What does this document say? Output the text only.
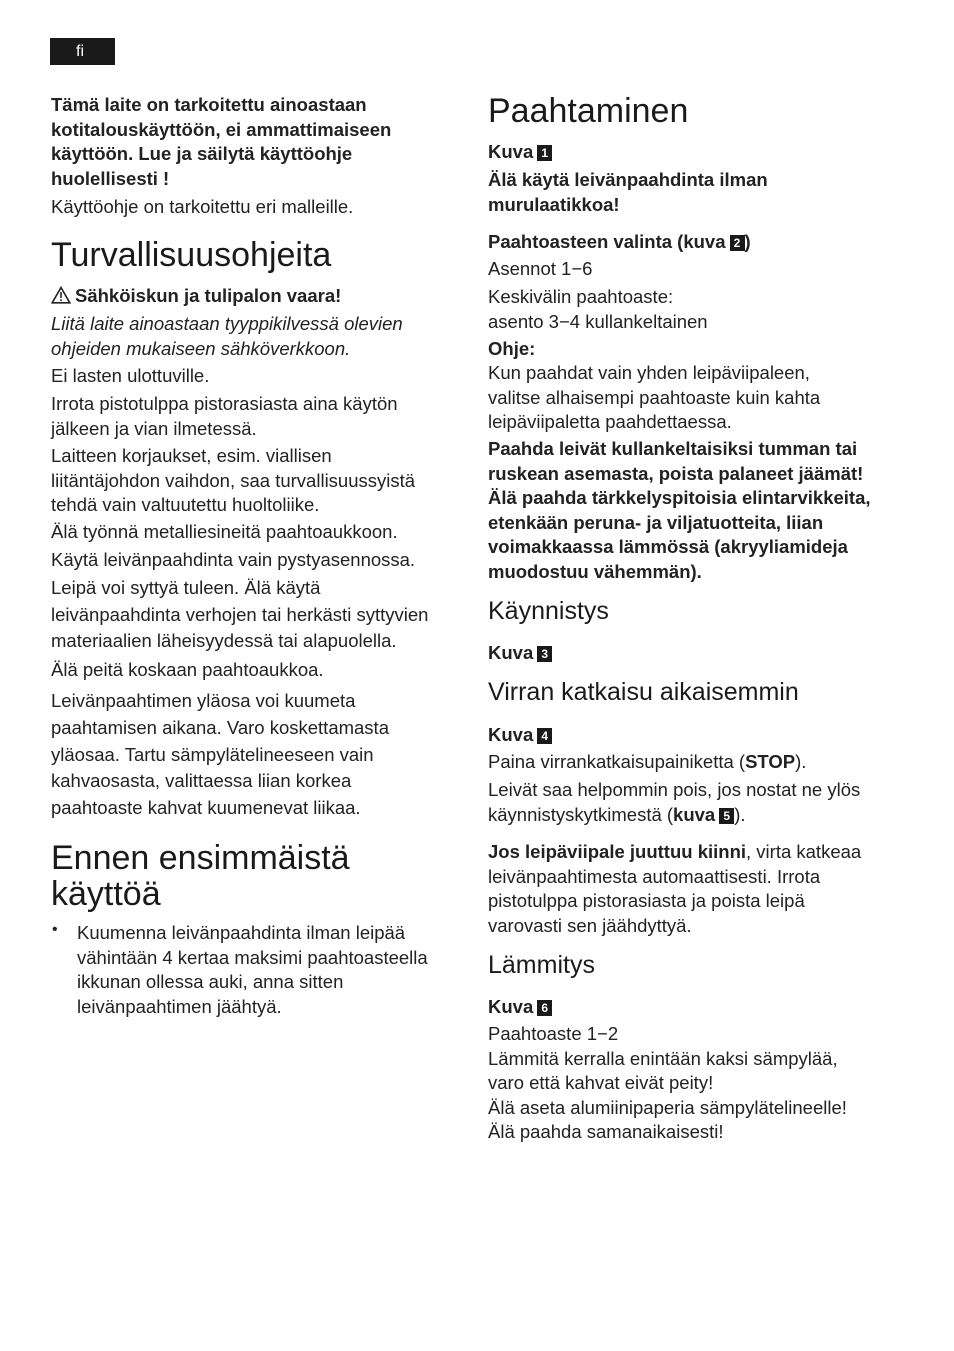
fi

Tämä laite on tarkoitettu ainoastaan

kotitalouskäyttöön, ei ammattimaiseen

käyttöön. Lue ja säilytä käyttöohje

huolellisesti !

Käyttöohje on tarkoitettu eri malleille.

Turvallisuusohjeita

Sähköiskun ja tulipalon vaara!

Liitä laite ainoastaan tyyppikilvessä olevien

ohjeiden mukaiseen sähköverkkoon.

Ei lasten ulottuville.

Irrota pistotulppa pistorasiasta aina käytön

jälkeen ja vian ilmetessä.

Laitteen korjaukset, esim. viallisen

liitäntäjohdon vaihdon, saa turvallisuussyistä

tehdä vain valtuutettu huoltoliike.

Älä työnnä metalliesineitä paahtoaukkoon.

Käytä leivänpaahdinta vain pystyasennossa.

Leipä voi syttyä tuleen. Älä käytä

leivänpaahdinta verhojen tai herkästi syttyvien

materiaalien läheisyydessä tai alapuolella.

Älä peitä koskaan paahtoaukkoa.

Leivänpaahtimen yläosa voi kuumeta

paahtamisen aikana. Varo koskettamasta

yläosaa. Tartu sämpylätelineeseen vain

kahvaosasta, valittaessa liian korkea

paahtoaste kahvat kuumenevat liikaa.

Ennen ensimmäistä
käyttöä
• Kuumenna leivänpaahdinta ilman leipää

vähintään 4 kertaa maksimi paahtoasteella

ikkunan ollessa auki, anna sitten

leivänpaahtimen jäähtyä.

Paahtaminen

Kuva 1

Älä käytä leivänpaahdinta ilman

murulaatikkoa!

Paahtoasteen valinta (kuva 2 )

Asennot 1−6

Keskivälin paahtoaste:

asento 3−4 kullankeltainen

Ohje:

Kun paahdat vain yhden leipäviipaleen,

valitse alhaisempi paahtoaste kuin kahta

leipäviipaletta paahdettaessa.

Paahda leivät kullankeltaisiksi tumman tai

ruskean asemasta, poista palaneet jäämät!

Älä paahda tärkkelyspitoisia elintarvikkeita,

etenkään peruna- ja viljatuotteita, liian

voimakkaassa lämmössä (akryyliamideja

muodostuu vähemmän).

Käynnistys

Kuva 3

Virran katkaisu aikaisemmin

Kuva 4

Paina virrankatkaisupainiketta (STOP).

Leivät saa helpommin pois, jos nostat ne ylös

käynnistyskytkimestä (kuva 5 ).

Jos leipäviipale juuttuu kiinni, virta katkeaa

leivänpaahtimesta automaattisesti. Irrota

pistotulppa pistorasiasta ja poista leipä

varovasti sen jäähdyttyä.

Lämmitys

Kuva 6

Paahtoaste 1−2

Lämmitä kerralla enintään kaksi sämpylää,

varo että kahvat eivät peity!

Älä aseta alumiinipaperia sämpylätelineelle!

Älä paahda samanaikaisesti!
